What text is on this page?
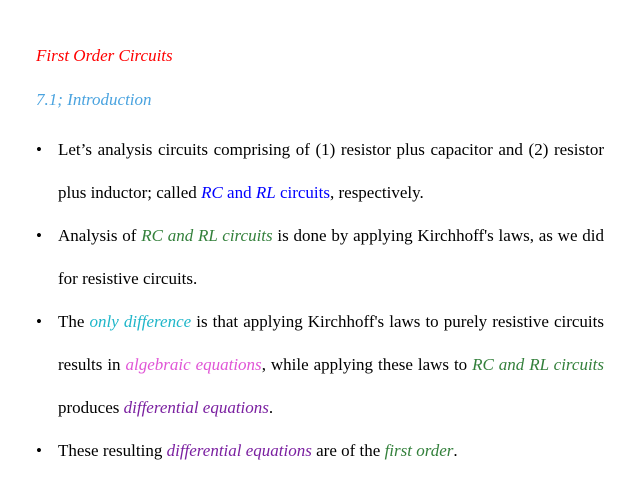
First Order Circuits
7.1; Introduction
• Let’s analysis circuits comprising of (1) resistor plus capacitor and (2) resistor plus inductor; called RC and RL circuits, respectively.
• Analysis of RC and RL circuits is done by applying Kirchhoff's laws, as we did for resistive circuits.
• The only difference is that applying Kirchhoff's laws to purely resistive circuits results in algebraic equations, while applying these laws to RC and RL circuits produces differential equations.
• These resulting differential equations are of the first order.
